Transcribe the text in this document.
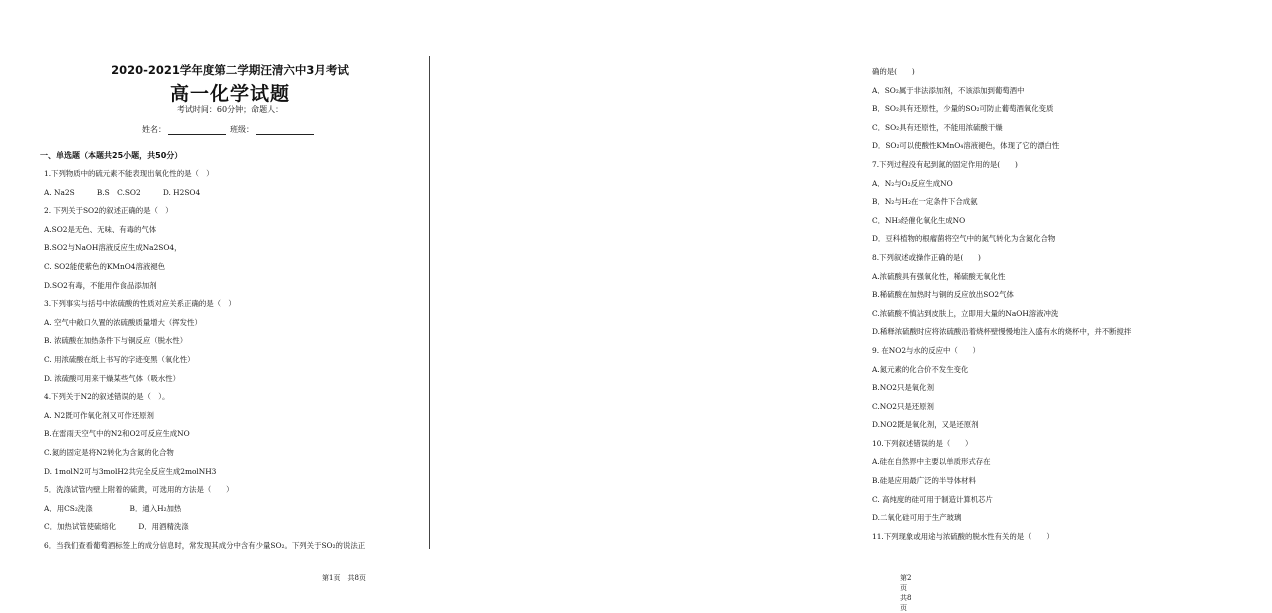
2020-2021学年度第二学期汪清六中3月考试
高一化学试题
考试时间：60分钟；命题人：
姓名：	班级：
一、单选题（本题共25小题，共50分）
1.下列物质中的硫元素不能表现出氧化性的是（　）
A. Na2S　　　B.S　C.SO2　　　D. H2SO4
2. 下列关于SO2的叙述正确的是（　）
A.SO2是无色、无味、有毒的气体
B.SO2与NaOH溶液反应生成Na2SO4，
C. SO2能使紫色的KMnO4溶液褪色
D.SO2有毒，不能用作食品添加剂
3.下列事实与括号中浓硫酸的性质对应关系正确的是（　）
A. 空气中敞口久置的浓硫酸质量增大（挥发性）
B. 浓硫酸在加热条件下与铜反应（脱水性）
C. 用浓硫酸在纸上书写的字迹变黑（氧化性）
D. 浓硫酸可用来干燥某些气体（吸水性）
4.下列关于N2的叙述错误的是（　）。
A. N2既可作氧化剂又可作还原剂
B.在雷雨天空气中的N2和O2可反应生成NO
C.氮的固定是将N2转化为含氮的化合物
D. 1molN2可与3molH2共完全反应生成2molNH3
5．洗涤试管内壁上附着的硫黄，可选用的方法是（　　）
A．用CS₂洗涤　　　　　B．通入H₂加热
C．加热试管使硫熔化　　　D．用酒精洗涤
6．当我们查看葡萄酒标签上的成分信息时，常发现其成分中含有少量SO₂。下列关于SO₂的说法正
第1页　共8页
确的是(　　)
A．SO₂属于非法添加剂，不该添加到葡萄酒中
B．SO₂具有还原性，少量的SO₂可防止葡萄酒氧化变质
C．SO₂具有还原性，不能用浓硫酸干燥
D．SO₂可以使酸性KMnO₄溶液褪色，体现了它的漂白性
7.下列过程没有起到氮的固定作用的是(　　)
A．N₂与O₂反应生成NO
B．N₂与H₂在一定条件下合成氨
C．NH₃经催化氧化生成NO
D．豆科植物的根瘤菌将空气中的氮气转化为含氮化合物
8.下列叙述或操作正确的是(　　)
A.浓硫酸具有强氧化性，稀硫酸无氧化性
B.稀硫酸在加热时与铜的反应放出SO2气体
C.浓硫酸不慎沾到皮肤上，立即用大量的NaOH溶液冲洗
D.稀释浓硫酸时应将浓硫酸沿着烧杯壁慢慢地注入盛有水的烧杯中，并不断搅拌
9. 在NO2与水的反应中（　　）
A.氮元素的化合价不发生变化
B.NO2只是氧化剂
C.NO2只是还原剂
D.NO2既是氧化剂，又是还原剂
10.下列叙述错误的是（　　）
A.硅在自然界中主要以单质形式存在
B.硅是应用最广泛的半导体材料
C. 高纯度的硅可用于制造计算机芯片
D.二氧化硅可用于生产玻璃
11.下列现象或用途与浓硫酸的脱水性有关的是（　　）
第2页　共8页
